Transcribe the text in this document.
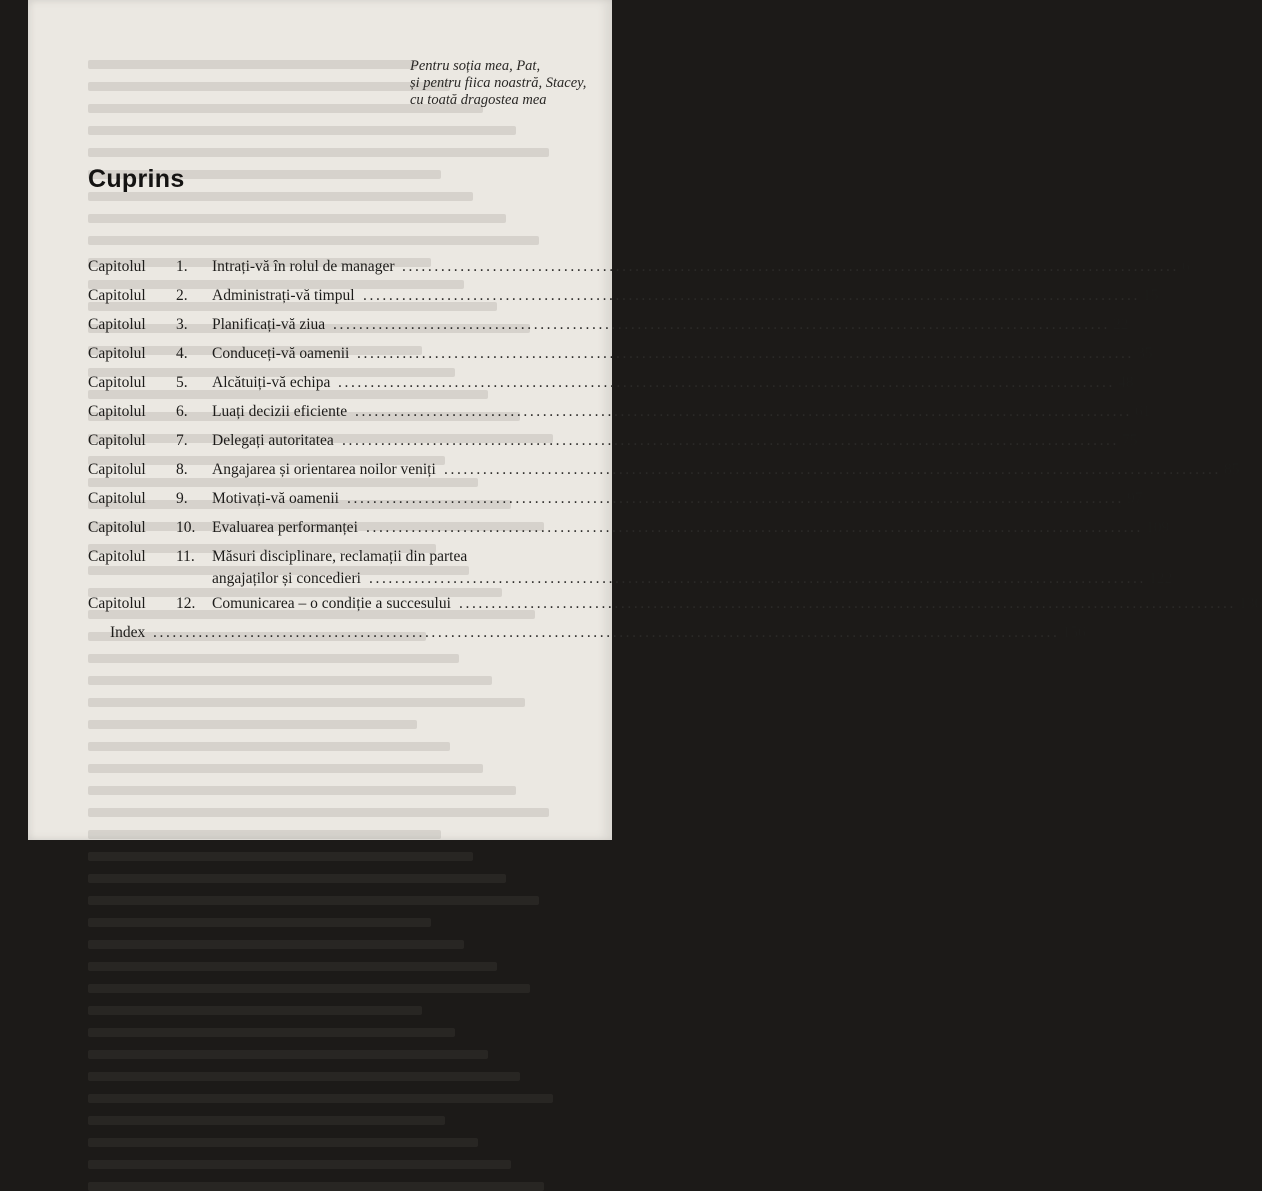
Pentru soția mea, Pat,
și pentru fiica noastră, Stacey,
cu toată dragostea mea
Cuprins
Capitolul 1. Intrați-vă în rolul de manager ........................................................................................................................ 6
Capitolul 2. Administrați-vă timpul ........................................................................................................................ 15
Capitolul 3. Planificați-vă ziua ........................................................................................................................ 22
Capitolul 4. Conduceți-vă oamenii ........................................................................................................................ 35
Capitolul 5. Alcătuiți-vă echipa ........................................................................................................................ 48
Capitolul 6. Luați decizii eficiente ........................................................................................................................ 61
Capitolul 7. Delegați autoritatea ........................................................................................................................ 75
Capitolul 8. Angajarea și orientarea noilor veniți ........................................................................................................................ 85
Capitolul 9. Motivați-vă oamenii ........................................................................................................................ 97
Capitolul 10. Evaluarea performanței ........................................................................................................................ 109
Capitolul 11. Măsuri disciplinare, reclamații din partea
angajaților și concedieri ........................................................................................................................ 122
Capitolul 12. Comunicarea – o condiție a succesului ........................................................................................................................ 136
Index ............................................................................................................................................ 156
